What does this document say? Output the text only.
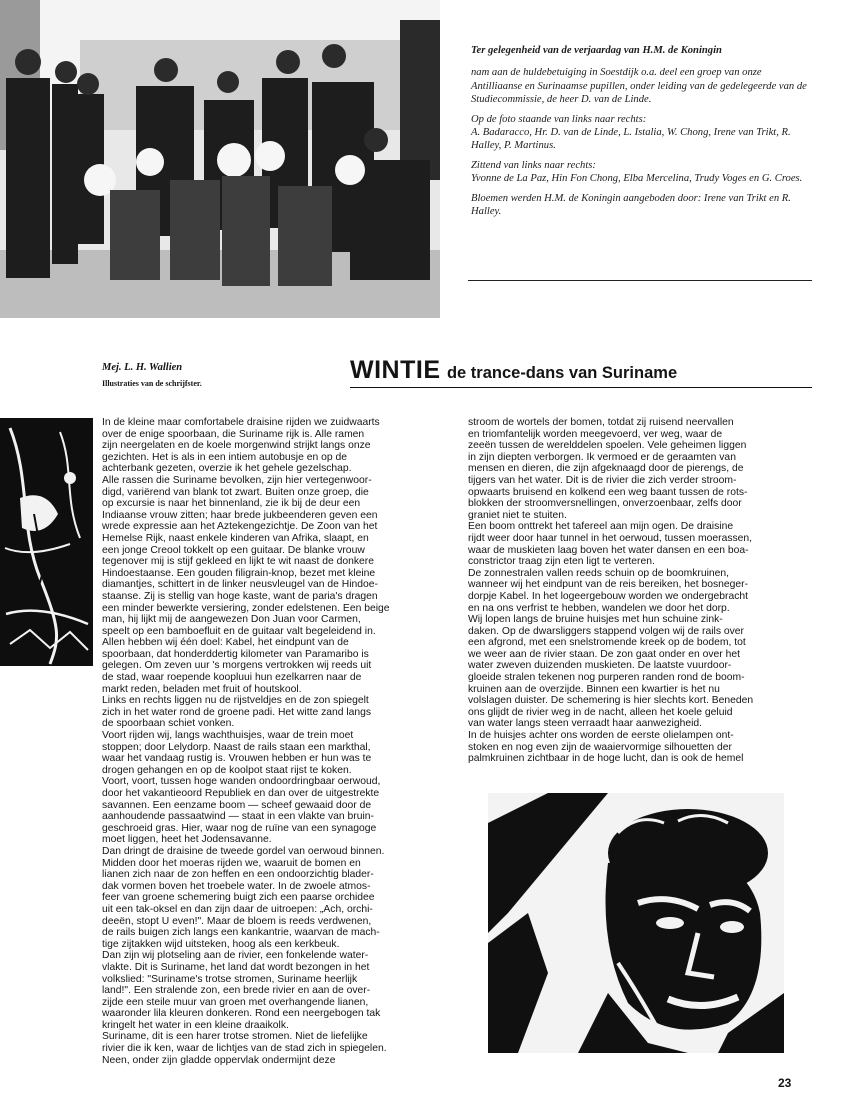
Ter gelegenheid van de verjaardag van H.M. de Koningin

nam aan de huldebetuiging in Soestdijk o.a. deel een groep van onze Antilliaanse en Surinaamse pupillen, onder leiding van de gedelegeerde van de Studiecommissie, de heer D. van de Linde.

Op de foto staande van links naar rechts:
A. Badaracco, Hr. D. van de Linde, L. Istalia, W. Chong, Irene van Trikt, R. Halley, P. Martinus.

Zittend van links naar rechts:
Yvonne de La Paz, Hin Fon Chong, Elba Mercelina, Trudy Voges en G. Croes.

Bloemen werden H.M. de Koningin aangeboden door: Irene van Trikt en R. Halley.

Mej. L. H. Wallien
Illustraties van de schrijfster.	WINTIE de trance-dans van Suriname
In de kleine maar comfortabele draisine rijden we zuidwaarts
over de enige spoorbaan, die Suriname rijk is. Alle ramen
zijn neergelaten en de koele morgenwind strijkt langs onze
gezichten. Het is als in een intiem autobusje en op de
achterbank gezeten, overzie ik het gehele gezelschap.
Alle rassen die Suriname bevolken, zijn hier vertegenwoor-
digd, variërend van blank tot zwart. Buiten onze groep, die
op excursie is naar het binnenland, zie ik bij de deur een
Indiaanse vrouw zitten; haar brede jukbeenderen geven een
wrede expressie aan het Aztekengezichtje. De Zoon van het
Hemelse Rijk, naast enkele kinderen van Afrika, slaapt, en
een jonge Creool tokkelt op een guitaar. De blanke vrouw
tegenover mij is stijf gekleed en lijkt te wit naast de donkere
Hindoestaanse. Een gouden filigrain-knop, bezet met kleine
diamantjes, schittert in de linker neusvleugel van de Hindoe-
staanse. Zij is stellig van hoge kaste, want de paria's dragen
een minder bewerkte versiering, zonder edelstenen. Een beige
man, hij lijkt mij de aangewezen Don Juan voor Carmen,
speelt op een bamboefluit en de guitaar valt begeleidend in.
Allen hebben wij één doel: Kabel, het eindpunt van de
spoorbaan, dat honderddertig kilometer van Paramaribo is
gelegen. Om zeven uur 's morgens vertrokken wij reeds uit
de stad, waar roepende koopluui hun ezelkarren naar de
markt reden, beladen met fruit of houtskool.
Links en rechts liggen nu de rijstveldjes en de zon spiegelt
zich in het water rond de groene padi. Het witte zand langs
de spoorbaan schiet vonken.
Voort rijden wij, langs wachthuisjes, waar de trein moet
stoppen; door Lelydorp. Naast de rails staan een markthal,
waar het vandaag rustig is. Vrouwen hebben er hun was te
drogen gehangen en op de koolpot staat rijst te koken.
Voort, voort, tussen hoge wanden ondoordringbaar oerwoud,
door het vakantieoord Republiek en dan over de uitgestrekte
savannen. Een eenzame boom — scheef gewaaid door de
aanhoudende passaatwind — staat in een vlakte van bruin-
geschroeid gras. Hier, waar nog de ruïne van een synagoge
moet liggen, heet het Jodensavanne.
Dan dringt de draisine de tweede gordel van oerwoud binnen.
Midden door het moeras rijden we, waaruit de bomen en
lianen zich naar de zon heffen en een ondoorzichtig blader-
dak vormen boven het troebele water. In de zwoele atmos-
feer van groene schemering buigt zich een paarse orchidee
uit een tak-oksel en dan zijn daar de uitroepen: „Ach, orchi-
deeën, stopt U even!". Maar de bloem is reeds verdwenen,
de rails buigen zich langs een kankantrie, waarvan de mach-
tige zijtakken wijd uitsteken, hoog als een kerkbeuk.
Dan zijn wij plotseling aan de rivier, een fonkelende water-
vlakte. Dit is Suriname, het land dat wordt bezongen in het
volkslied: "Suriname's trotse stromen, Suriname heerlijk
land!". Een stralende zon, een brede rivier en aan de over-
zijde een steile muur van groen met overhangende lianen,
waaronder lila kleuren donkeren. Rond een neergebogen tak
kringelt het water in een kleine draaikolk.
Suriname, dit is een harer trotse stromen. Niet de liefelijke
rivier die ik ken, waar de lichtjes van de stad zich in spiegelen.
Neen, onder zijn gladde oppervlak ondermijnt deze
stroom de wortels der bomen, totdat zij ruisend neervallen
en triomfantelijk worden meegevoerd, ver weg, waar de
zeeën tussen de werelddelen spoelen. Vele geheimen liggen
in zijn diepten verborgen. Ik vermoed er de geraamten van
mensen en dieren, die zijn afgeknaagd door de pierengs, de
tijgers van het water. Dit is de rivier die zich verder stroom-
opwaarts bruisend en kolkend een weg baant tussen de rots-
blokken der stroomversnellingen, onverzoenbaar, zelfs door
graniet niet te stuiten.
Een boom onttrekt het tafereel aan mijn ogen. De draisine
rijdt weer door haar tunnel in het oerwoud, tussen moerassen,
waar de muskieten laag boven het water dansen en een boa-
constrictor traag zijn eten ligt te verteren.
De zonnestralen vallen reeds schuin op de boomkruinen,
wanneer wij het eindpunt van de reis bereiken, het bosneger-
dorpje Kabel. In het logeergebouw worden we ondergebracht
en na ons verfrist te hebben, wandelen we door het dorp.
Wij lopen langs de bruine huisjes met hun schuine zink-
daken. Op de dwarsliggers stappend volgen wij de rails over
een afgrond, met een snelstromende kreek op de bodem, tot
we weer aan de rivier staan. De zon gaat onder en over het
water zweven duizenden muskieten. De laatste vuurdoor-
gloeide stralen tekenen nog purperen randen rond de boom-
kruinen aan de overzijde. Binnen een kwartier is het nu
volslagen duister. De schemering is hier slechts kort. Beneden
ons glijdt de rivier weg in de nacht, alleen het koele geluid
van water langs steen verraadt haar aanwezigheid.
In de huisjes achter ons worden de eerste olielampen ont-
stoken en nog even zijn de waaiervormige silhouetten der
palmkruinen zichtbaar in de hoge lucht, dan is ook de hemel
23
